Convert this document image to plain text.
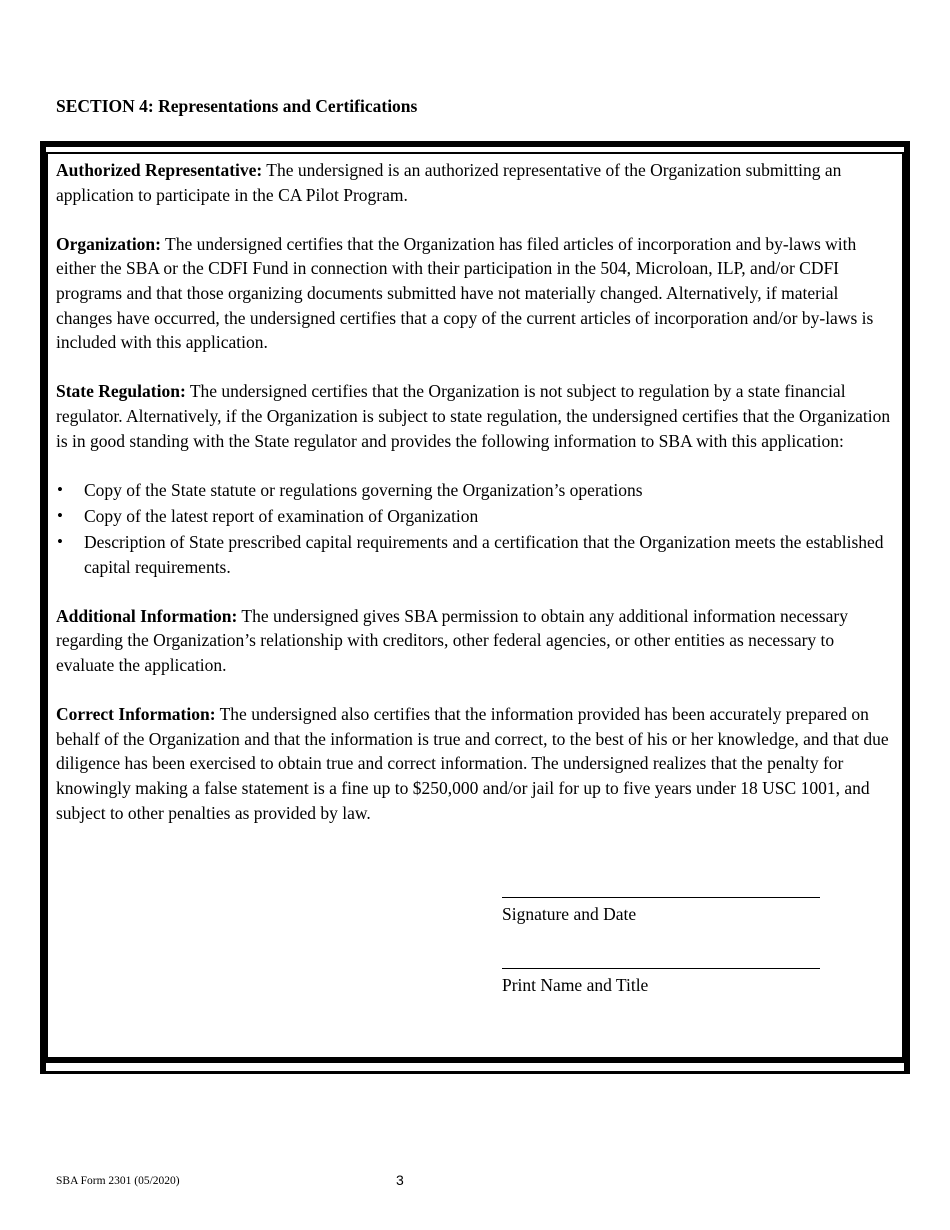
SECTION 4: Representations and Certifications

Authorized Representative: The undersigned is an authorized representative of the Organization submitting an application to participate in the CA Pilot Program.

Organization: The undersigned certifies that the Organization has filed articles of incorporation and by-laws with either the SBA or the CDFI Fund in connection with their participation in the 504, Microloan, ILP, and/or CDFI programs and that those organizing documents submitted have not materially changed. Alternatively, if material changes have occurred, the undersigned certifies that a copy of the current articles of incorporation and/or by-laws is included with this application.

State Regulation: The undersigned certifies that the Organization is not subject to regulation by a state financial regulator. Alternatively, if the Organization is subject to state regulation, the undersigned certifies that the Organization is in good standing with the State regulator and provides the following information to SBA with this application:

• Copy of the State statute or regulations governing the Organization’s operations
• Copy of the latest report of examination of Organization
• Description of State prescribed capital requirements and a certification that the Organization meets the established capital requirements.

Additional Information: The undersigned gives SBA permission to obtain any additional information necessary regarding the Organization’s relationship with creditors, other federal agencies, or other entities as necessary to evaluate the application.

Correct Information: The undersigned also certifies that the information provided has been accurately prepared on behalf of the Organization and that the information is true and correct, to the best of his or her knowledge, and that due diligence has been exercised to obtain true and correct information. The undersigned realizes that the penalty for knowingly making a false statement is a fine up to $250,000 and/or jail for up to five years under 18 USC 1001, and subject to other penalties as provided by law.

Signature and Date
Print Name and Title
SBA Form 2301 (05/2020)	3
